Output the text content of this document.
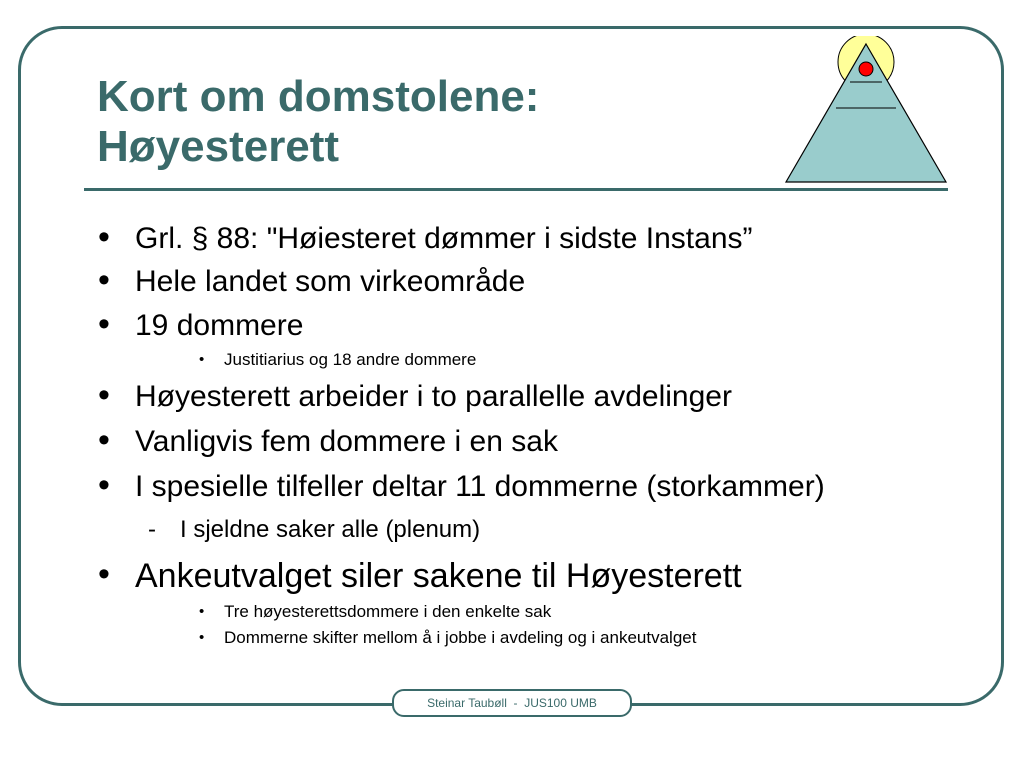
Kort om domstolene:
Høyesterett
• Grl. § 88: "Høiesteret dømmer i sidste Instans”
• Hele landet som virkeområde
• 19 dommere
• Justitiarius og 18 andre dommere
• Høyesterett arbeider i to parallelle avdelinger
• Vanligvis fem dommere i en sak
• I spesielle tilfeller deltar 11 dommerne (storkammer)
- I sjeldne saker alle (plenum)
• Ankeutvalget siler sakene til Høyesterett
• Tre høyesterettsdommere i den enkelte sak
• Dommerne skifter mellom å i jobbe i avdeling og i ankeutvalget
Steinar Taubøll  -  JUS100 UMB
